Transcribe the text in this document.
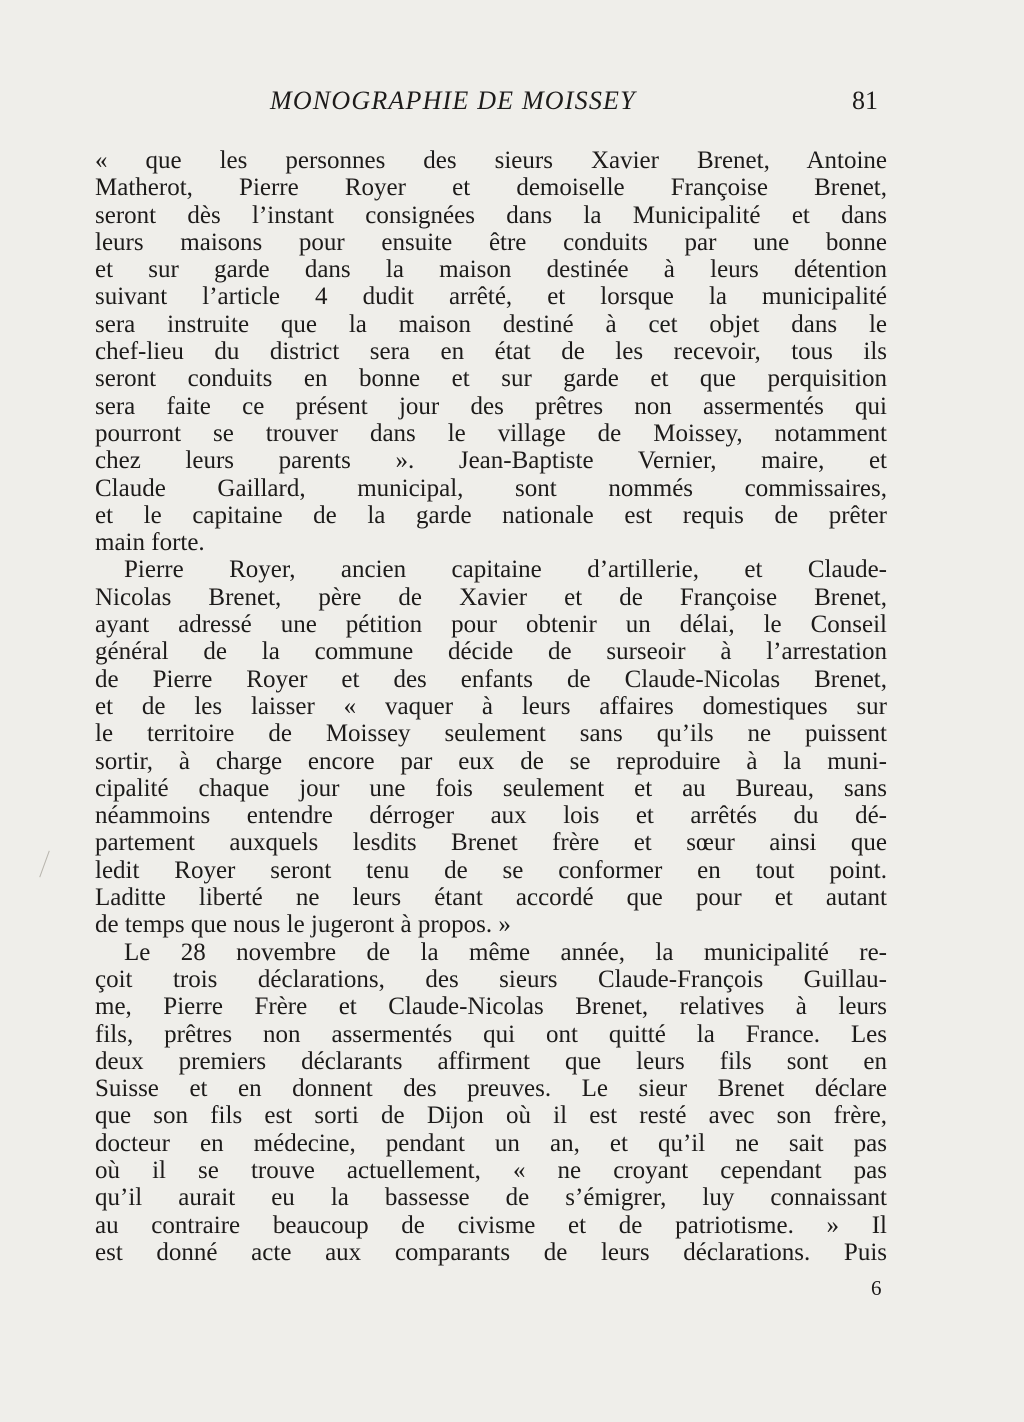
MONOGRAPHIE DE MOISSEY	81
« que les personnes des sieurs Xavier Brenet, Antoine
Matherot, Pierre Royer et demoiselle Françoise Brenet,
seront dès l’instant consignées dans la Municipalité et dans
leurs maisons pour ensuite être conduits par une bonne
et sur garde dans la maison destinée à leurs détention
suivant l’article 4 dudit arrêté, et lorsque la municipalité
sera instruite que la maison destiné à cet objet dans le
chef-lieu du district sera en état de les recevoir, tous ils
seront conduits en bonne et sur garde et que perquisition
sera faite ce présent jour des prêtres non assermentés qui
pourront se trouver dans le village de Moissey, notamment
chez leurs parents ». Jean-Baptiste Vernier, maire, et
Claude Gaillard, municipal, sont nommés commissaires,
et le capitaine de la garde nationale est requis de prêter
main forte.
Pierre Royer, ancien capitaine d’artillerie, et Claude-
Nicolas Brenet, père de Xavier et de Françoise Brenet,
ayant adressé une pétition pour obtenir un délai, le Conseil
général de la commune décide de surseoir à l’arrestation
de Pierre Royer et des enfants de Claude-Nicolas Brenet,
et de les laisser « vaquer à leurs affaires domestiques sur
le territoire de Moissey seulement sans qu’ils ne puissent
sortir, à charge encore par eux de se reproduire à la muni-
cipalité chaque jour une fois seulement et au Bureau, sans
néammoins entendre dérroger aux lois et arrêtés du dé-
partement auxquels lesdits Brenet frère et sœur ainsi que
ledit Royer seront tenu de se conformer en tout point.
Laditte liberté ne leurs étant accordé que pour et autant
de temps que nous le jugeront à propos. »
Le 28 novembre de la même année, la municipalité re-
çoit trois déclarations, des sieurs Claude-François Guillau-
me, Pierre Frère et Claude-Nicolas Brenet, relatives à leurs
fils, prêtres non assermentés qui ont quitté la France. Les
deux premiers déclarants affirment que leurs fils sont en
Suisse et en donnent des preuves. Le sieur Brenet déclare
que son fils est sorti de Dijon où il est resté avec son frère,
docteur en médecine, pendant un an, et qu’il ne sait pas
où il se trouve actuellement, « ne croyant cependant pas
qu’il aurait eu la bassesse de s’émigrer, luy connaissant
au contraire beaucoup de civisme et de patriotisme. » Il
est donné acte aux comparants de leurs déclarations. Puis
6
